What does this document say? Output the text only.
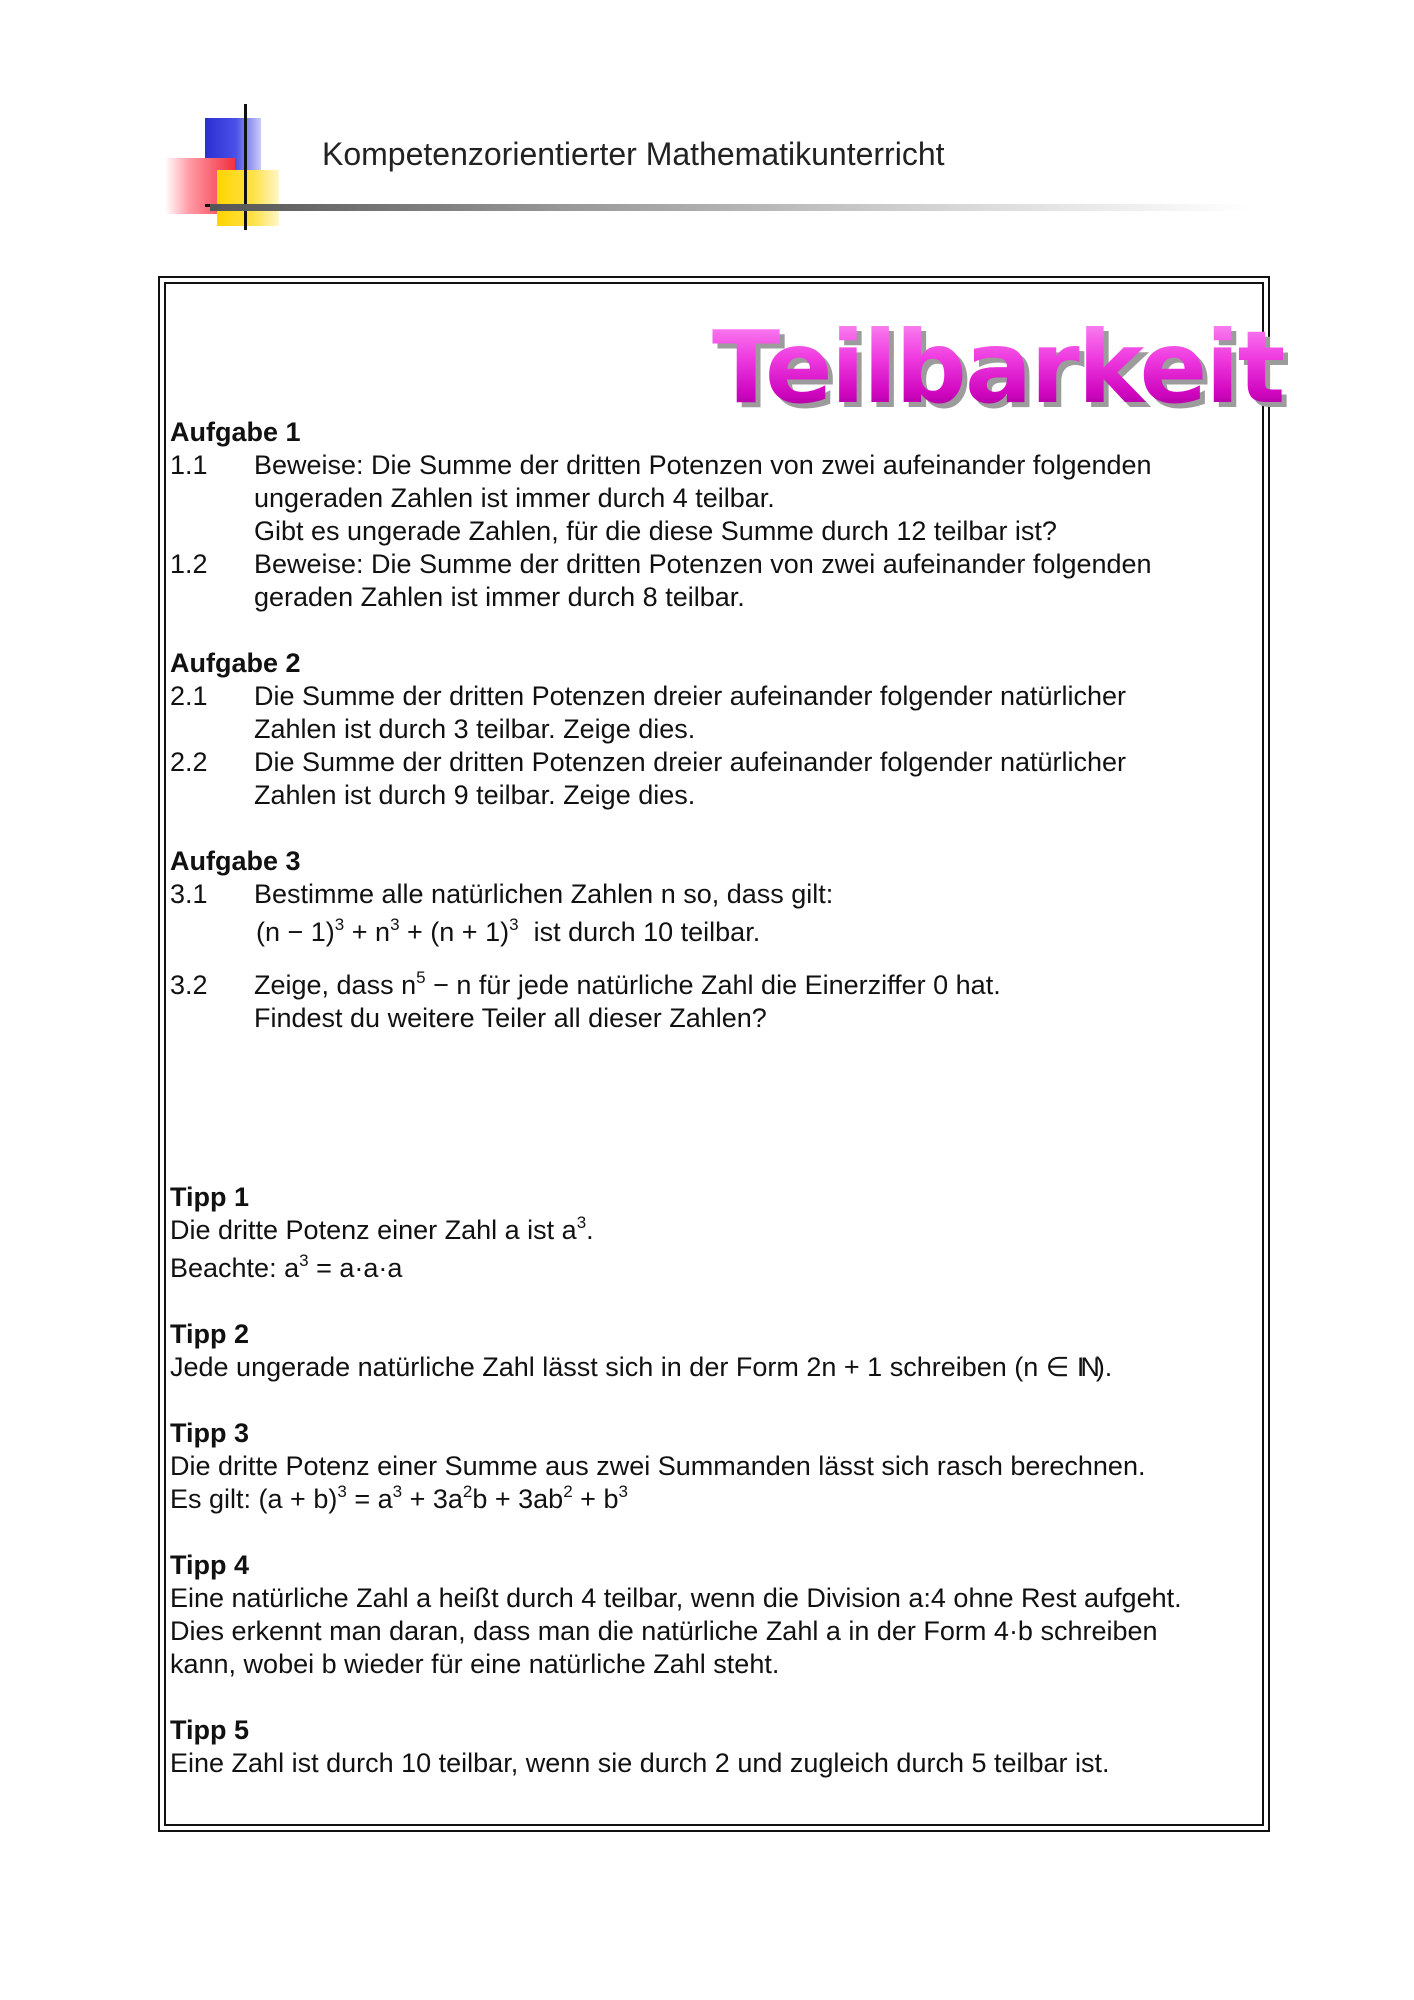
Kompetenzorientierter Mathematikunterricht
Teilbarkeit
Aufgabe 1
1.1 Beweise: Die Summe der dritten Potenzen von zwei aufeinander folgenden
ungeraden Zahlen ist immer durch 4 teilbar.
Gibt es ungerade Zahlen, für die diese Summe durch 12 teilbar ist?
1.2 Beweise: Die Summe der dritten Potenzen von zwei aufeinander folgenden
geraden Zahlen ist immer durch 8 teilbar.
Aufgabe 2
2.1 Die Summe der dritten Potenzen dreier aufeinander folgender natürlicher
Zahlen ist durch 3 teilbar. Zeige dies.
2.2 Die Summe der dritten Potenzen dreier aufeinander folgender natürlicher
Zahlen ist durch 9 teilbar. Zeige dies.
Aufgabe 3
3.1 Bestimme alle natürlichen Zahlen n so, dass gilt:
$(n - 1)^3 + n^3 + (n + 1)^3$ ist durch 10 teilbar.
3.2 Zeige, dass $n^5 - n$ für jede natürliche Zahl die Einerziffer 0 hat.
Findest du weitere Teiler all dieser Zahlen?
Tipp 1
Die dritte Potenz einer Zahl a ist $a^3$.
Beachte: $a^3 = a\cdot a\cdot a$
Tipp 2
Jede ungerade natürliche Zahl lässt sich in der Form 2n + 1 schreiben (n ∈ IN).
Tipp 3
Die dritte Potenz einer Summe aus zwei Summanden lässt sich rasch berechnen.
Es gilt: $(a + b)^3 = a^3 + 3a^2b + 3ab^2 + b^3$
Tipp 4
Eine natürliche Zahl a heißt durch 4 teilbar, wenn die Division a:4 ohne Rest aufgeht.
Dies erkennt man daran, dass man die natürliche Zahl a in der Form 4·b schreiben
kann, wobei b wieder für eine natürliche Zahl steht.
Tipp 5
Eine Zahl ist durch 10 teilbar, wenn sie durch 2 und zugleich durch 5 teilbar ist.
